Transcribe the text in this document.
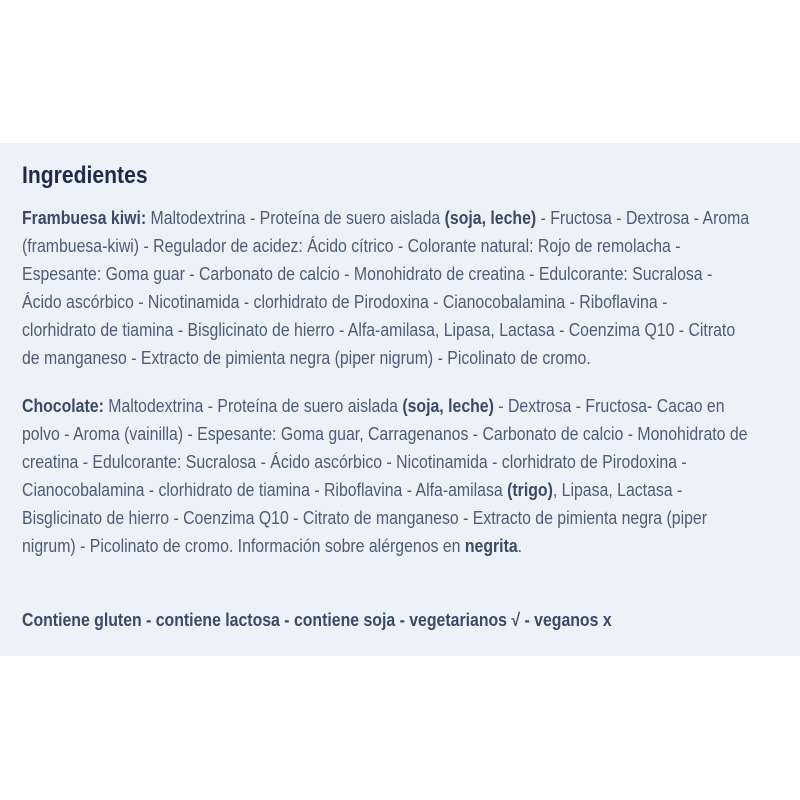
Ingredientes
Frambuesa kiwi: Maltodextrina - Proteína de suero aislada (soja, leche) - Fructosa - Dextrosa - Aroma
(frambuesa-kiwi) - Regulador de acidez: Ácido cítrico - Colorante natural: Rojo de remolacha -
Espesante: Goma guar - Carbonato de calcio - Monohidrato de creatina - Edulcorante: Sucralosa -
Ácido ascórbico - Nicotinamida - clorhidrato de Pirodoxina - Cianocobalamina - Riboflavina -
clorhidrato de tiamina - Bisglicinato de hierro - Alfa-amilasa, Lipasa, Lactasa - Coenzima Q10 - Citrato
de manganeso - Extracto de pimienta negra (piper nigrum) - Picolinato de cromo.
Chocolate: Maltodextrina - Proteína de suero aislada (soja, leche) - Dextrosa - Fructosa- Cacao en
polvo - Aroma (vainilla) - Espesante: Goma guar, Carragenanos - Carbonato de calcio - Monohidrato de
creatina - Edulcorante: Sucralosa - Ácido ascórbico - Nicotinamida - clorhidrato de Pirodoxina -
Cianocobalamina - clorhidrato de tiamina - Riboflavina - Alfa-amilasa (trigo), Lipasa, Lactasa -
Bisglicinato de hierro - Coenzima Q10 - Citrato de manganeso - Extracto de pimienta negra (piper
nigrum) - Picolinato de cromo. Información sobre alérgenos en negrita.
Contiene gluten - contiene lactosa - contiene soja - vegetarianos √ - veganos x
